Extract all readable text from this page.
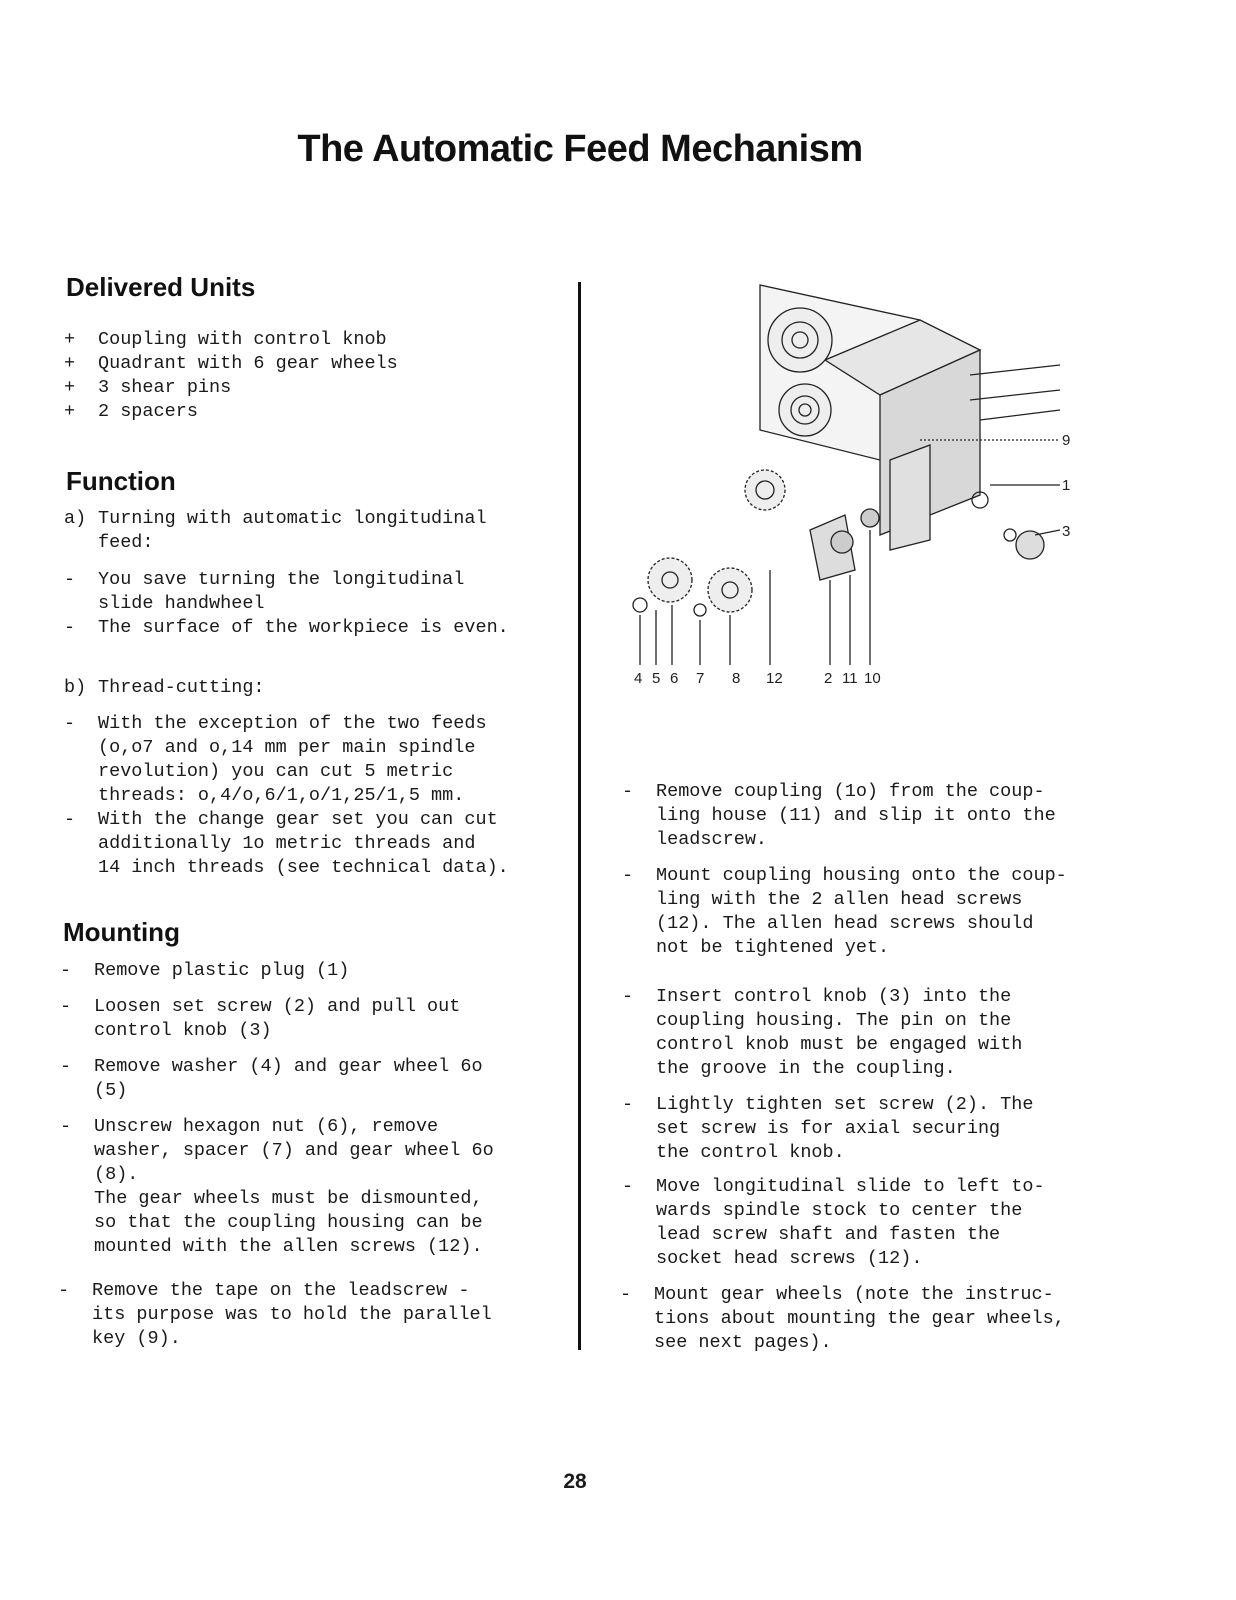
The Automatic Feed Mechanism
Delivered Units
+	Coupling with control knob
+	Quadrant with 6 gear wheels
+	3 shear pins
+	2 spacers
Function
a) Turning with automatic longitudinal
feed:
-	You save turning the longitudinal
slide handwheel
-	The surface of the workpiece is even.
b) Thread-cutting:
-	With the exception of the two feeds
(o,o7 and o,14 mm per main spindle
revolution) you can cut 5 metric
threads: o,4/o,6/1,o/1,25/1,5 mm.
-	With the change gear set you can cut
additionally 1o metric threads and
14 inch threads (see technical data).
Mounting
-	Remove plastic plug (1)
-	Loosen set screw (2) and pull out
control knob (3)
-	Remove washer (4) and gear wheel 6o
(5)
-	Unscrew hexagon nut (6), remove
washer, spacer (7) and gear wheel 6o
(8).
The gear wheels must be dismounted,
so that the coupling housing can be
mounted with the allen screws (12).
-	Remove the tape on the leadscrew -
its purpose was to hold the parallel
key (9).
9
1
3
4 5 6 7 8 12	2 11 10
-	Remove coupling (1o) from the coup-
ling house (11) and slip it onto the
leadscrew.
-	Mount coupling housing onto the coup-
ling with the 2 allen head screws
(12). The allen head screws should
not be tightened yet.
-	Insert control knob (3) into the
coupling housing. The pin on the
control knob must be engaged with
the groove in the coupling.
-	Lightly tighten set screw (2). The
set screw is for axial securing
the control knob.
-	Move longitudinal slide to left to-
wards spindle stock to center the
lead screw shaft and fasten the
socket head screws (12).
-	Mount gear wheels (note the instruc-
tions about mounting the gear wheels,
see next pages).
28
